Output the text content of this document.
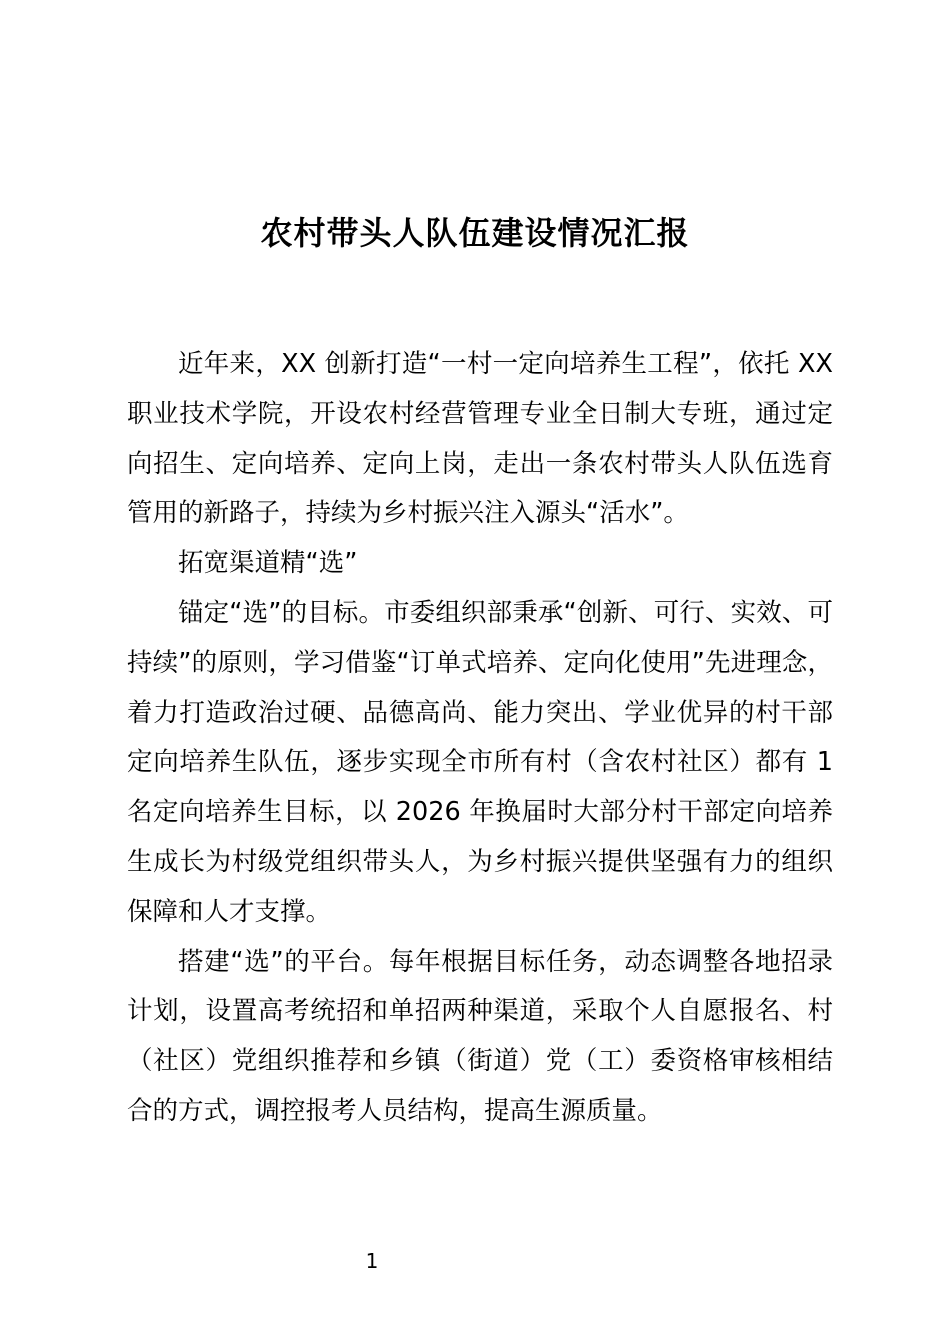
农村带头人队伍建设情况汇报

近年来，XX 创新打造“一村一定向培养生工程”，依托 XX 职业技术学院，开设农村经营管理专业全日制大专班，通过定向招生、定向培养、定向上岗，走出一条农村带头人队伍选育管用的新路子，持续为乡村振兴注入源头“活水”。

拓宽渠道精“选”

锚定“选”的目标。市委组织部秉承“创新、可行、实效、可持续”的原则，学习借鉴“订单式培养、定向化使用”先进理念，着力打造政治过硬、品德高尚、能力突出、学业优异的村干部定向培养生队伍，逐步实现全市所有村（含农村社区）都有 1 名定向培养生目标，以 2026 年换届时大部分村干部定向培养生成长为村级党组织带头人，为乡村振兴提供坚强有力的组织保障和人才支撑。

搭建“选”的平台。每年根据目标任务，动态调整各地招录计划，设置高考统招和单招两种渠道，采取个人自愿报名、村（社区）党组织推荐和乡镇（街道）党（工）委资格审核相结合的方式，调控报考人员结构，提高生源质量。

1
